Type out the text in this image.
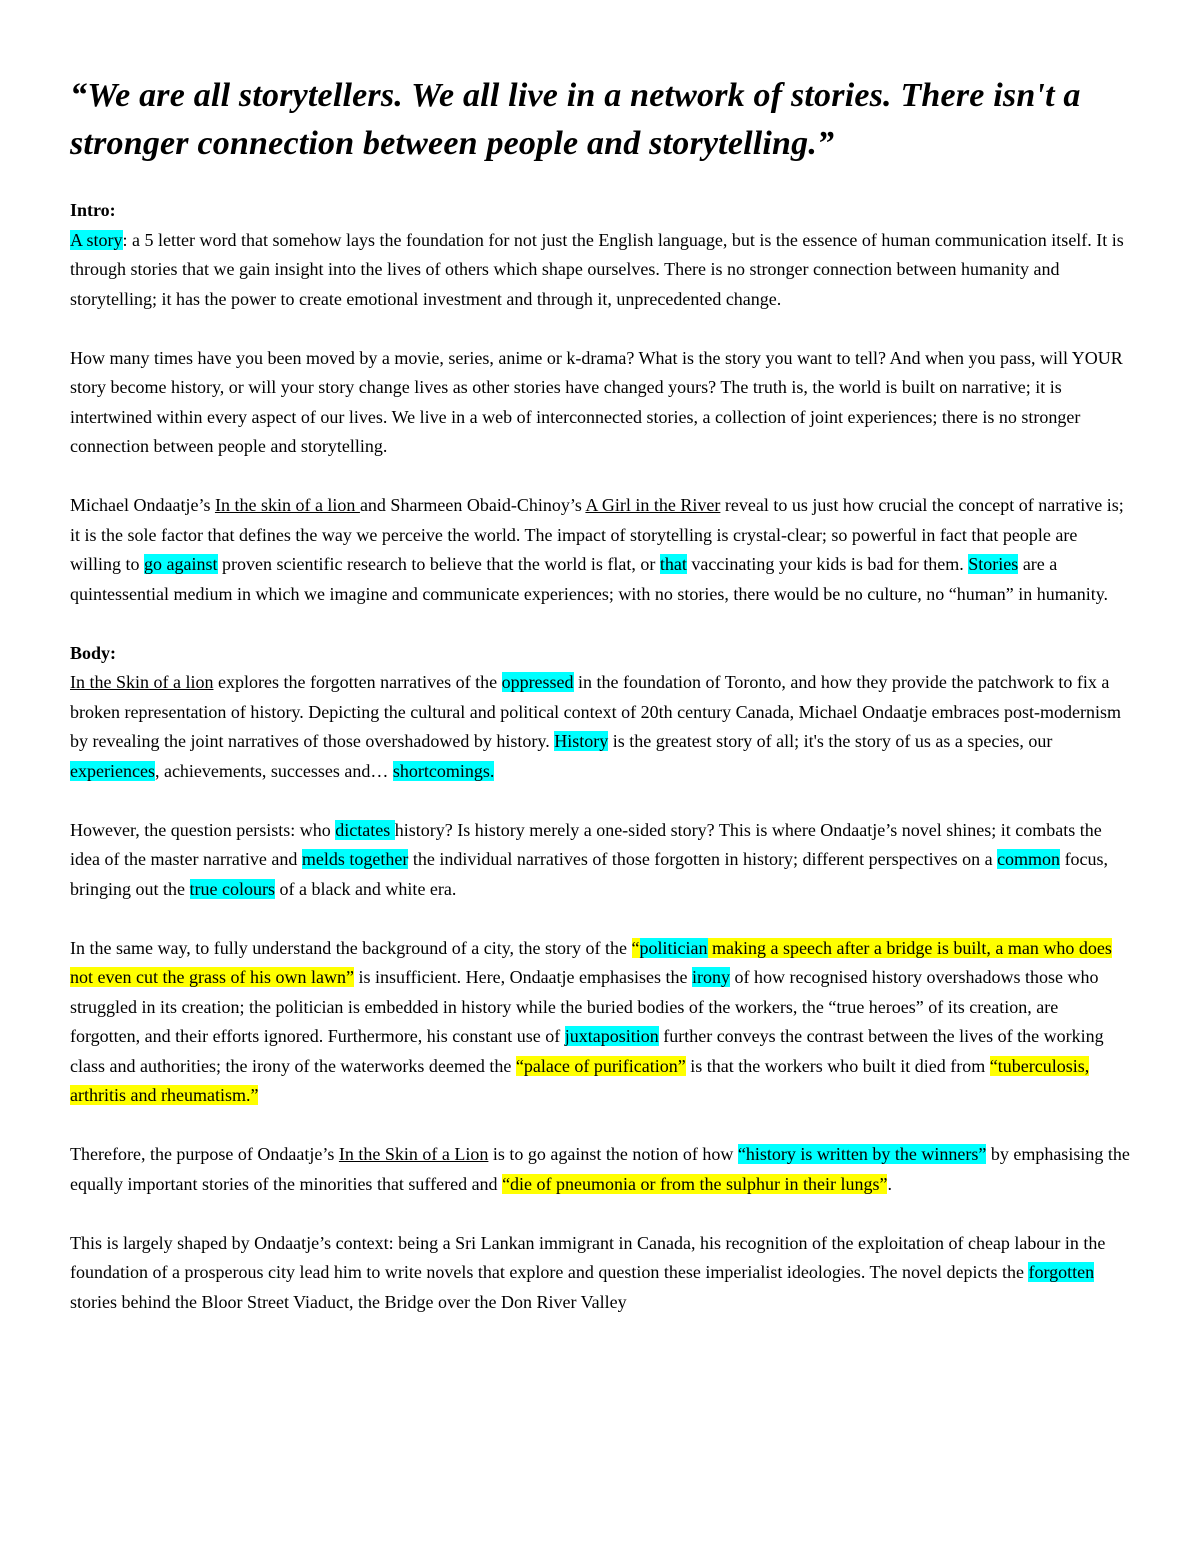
“We are all storytellers. We all live in a network of stories. There isn't a stronger connection between people and storytelling.”
Intro:

A story: a 5 letter word that somehow lays the foundation for not just the English language, but is the essence of human communication itself. It is through stories that we gain insight into the lives of others which shape ourselves. There is no stronger connection between humanity and storytelling; it has the power to create emotional investment and through it, unprecedented change.

How many times have you been moved by a movie, series, anime or k-drama? What is the story you want to tell? And when you pass, will YOUR story become history, or will your story change lives as other stories have changed yours? The truth is, the world is built on narrative; it is intertwined within every aspect of our lives. We live in a web of interconnected stories, a collection of joint experiences; there is no stronger connection between people and storytelling.

Michael Ondaatje’s In the skin of a lion and Sharmeen Obaid-Chinoy’s A Girl in the River reveal to us just how crucial the concept of narrative is; it is the sole factor that defines the way we perceive the world. The impact of storytelling is crystal-clear; so powerful in fact that people are willing to go against proven scientific research to believe that the world is flat, or that vaccinating your kids is bad for them. Stories are a quintessential medium in which we imagine and communicate experiences; with no stories, there would be no culture, no “human” in humanity.

Body:

In the Skin of a lion explores the forgotten narratives of the oppressed in the foundation of Toronto, and how they provide the patchwork to fix a broken representation of history. Depicting the cultural and political context of 20th century Canada, Michael Ondaatje embraces post-modernism by revealing the joint narratives of those overshadowed by history. History is the greatest story of all; it's the story of us as a species, our experiences, achievements, successes and… shortcomings.

However, the question persists: who dictates history? Is history merely a one-sided story? This is where Ondaatje’s novel shines; it combats the idea of the master narrative and melds together the individual narratives of those forgotten in history; different perspectives on a common focus, bringing out the true colours of a black and white era.

In the same way, to fully understand the background of a city, the story of the “politician making a speech after a bridge is built, a man who does not even cut the grass of his own lawn” is insufficient. Here, Ondaatje emphasises the irony of how recognised history overshadows those who struggled in its creation; the politician is embedded in history while the buried bodies of the workers, the “true heroes” of its creation, are forgotten, and their efforts ignored. Furthermore, his constant use of juxtaposition further conveys the contrast between the lives of the working class and authorities; the irony of the waterworks deemed the “palace of purification” is that the workers who built it died from “tuberculosis, arthritis and rheumatism.”

Therefore, the purpose of Ondaatje’s In the Skin of a Lion is to go against the notion of how “history is written by the winners” by emphasising the equally important stories of the minorities that suffered and “die of pneumonia or from the sulphur in their lungs”.

This is largely shaped by Ondaatje’s context: being a Sri Lankan immigrant in Canada, his recognition of the exploitation of cheap labour in the foundation of a prosperous city lead him to write novels that explore and question these imperialist ideologies. The novel depicts the forgotten stories behind the Bloor Street Viaduct, the Bridge over the Don River Valley
